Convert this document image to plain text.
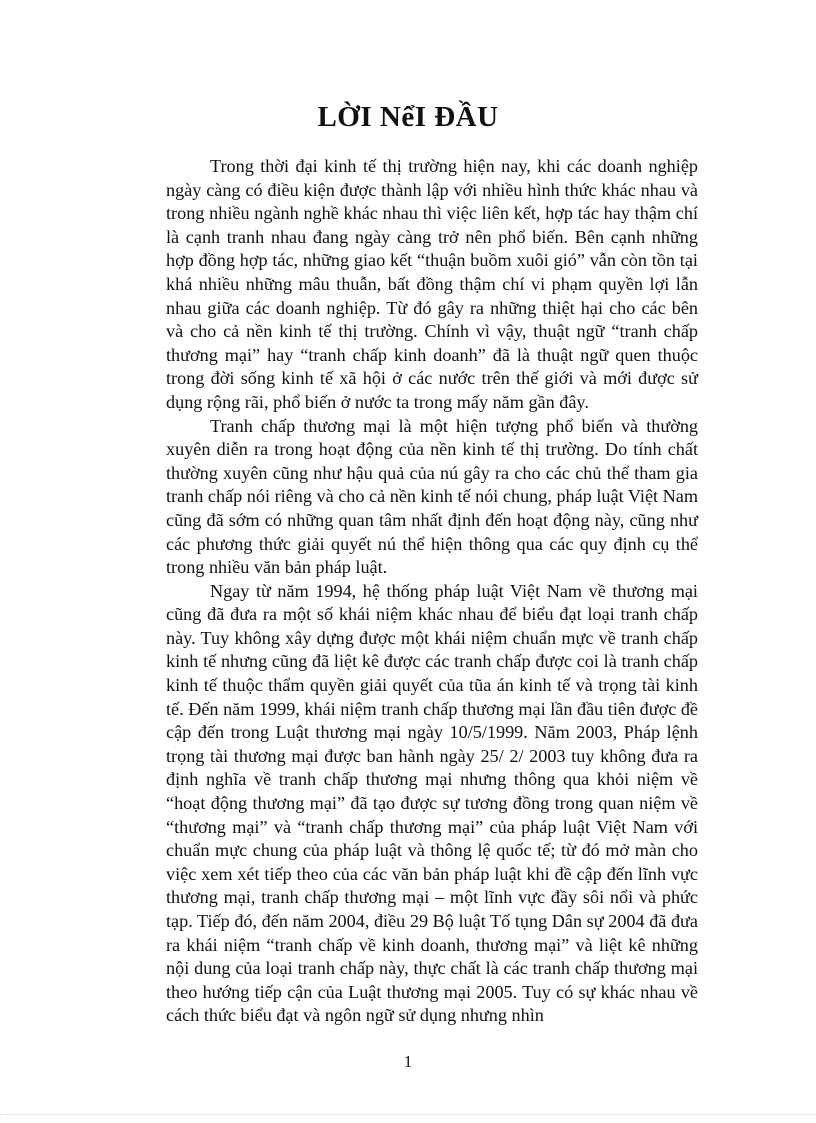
LỜI NểI ĐẦU

Trong thời đại kinh tế thị trường hiện nay, khi các doanh nghiệp ngày càng có điều kiện được thành lập với nhiều hình thức khác nhau và trong nhiều ngành nghề khác nhau thì việc liên kết, hợp tác hay thậm chí là cạnh tranh nhau đang ngày càng trở nên phổ biến. Bên cạnh những hợp đồng hợp tác, những giao kết “thuận buồm xuôi gió” vẫn còn tồn tại khá nhiều những mâu thuẫn, bất đồng thậm chí vi phạm quyền lợi lẫn nhau giữa các doanh nghiệp. Từ đó gây ra những thiệt hại cho các bên và cho cả nền kinh tế thị trường. Chính vì vậy, thuật ngữ “tranh chấp thương mại” hay “tranh chấp kinh doanh” đã là thuật ngữ quen thuộc trong đời sống kinh tế xã hội ở các nước trên thế giới và mới được sử dụng rộng rãi, phổ biến ở nước ta trong mấy năm gần đây.

Tranh chấp thương mại là một hiện tượng phổ biến và thường xuyên diễn ra trong hoạt động của nền kinh tế thị trường. Do tính chất thường xuyên cũng như hậu quả của nú gây ra cho các chủ thể tham gia tranh chấp nói riêng và cho cả nền kinh tế nói chung, pháp luật Việt Nam cũng đã sớm có những quan tâm nhất định đến hoạt động này, cũng như các phương thức giải quyết nú thể hiện thông qua các quy định cụ thể trong nhiều văn bản pháp luật.

Ngay từ năm 1994, hệ thống pháp luật Việt Nam về thương mại cũng đã đưa ra một số khái niệm khác nhau để biểu đạt loại tranh chấp này. Tuy không xây dựng được một khái niệm chuẩn mực về tranh chấp kinh tế nhưng cũng đã liệt kê được các tranh chấp được coi là tranh chấp kinh tế thuộc thẩm quyền giải quyết của tũa án kinh tế và trọng tài kinh tế. Đến năm 1999, khái niệm tranh chấp thương mại lần đầu tiên được đề cập đến trong Luật thương mại ngày 10/5/1999. Năm 2003, Pháp lệnh trọng tài thương mại được ban hành ngày 25/ 2/ 2003 tuy không đưa ra định nghĩa về tranh chấp thương mại nhưng thông qua khỏi niệm về “hoạt động thương mại” đã tạo được sự tương đồng trong quan niệm về “thương mại” và “tranh chấp thương mại” của pháp luật Việt Nam với chuẩn mực chung của pháp luật và thông lệ quốc tế; từ đó mở màn cho việc xem xét tiếp theo của các văn bản pháp luật khi đề cập đến lĩnh vực thương mại, tranh chấp thương mại – một lĩnh vực đầy sôi nổi và phức tạp. Tiếp đó, đến năm 2004, điều 29 Bộ luật Tố tụng Dân sự 2004 đã đưa ra khái niệm “tranh chấp về kinh doanh, thương mại” và liệt kê những nội dung của loại tranh chấp này, thực chất là các tranh chấp thương mại theo hướng tiếp cận của Luật thương mại 2005. Tuy có sự khác nhau về cách thức biểu đạt và ngôn ngữ sử dụng nhưng nhìn

1
